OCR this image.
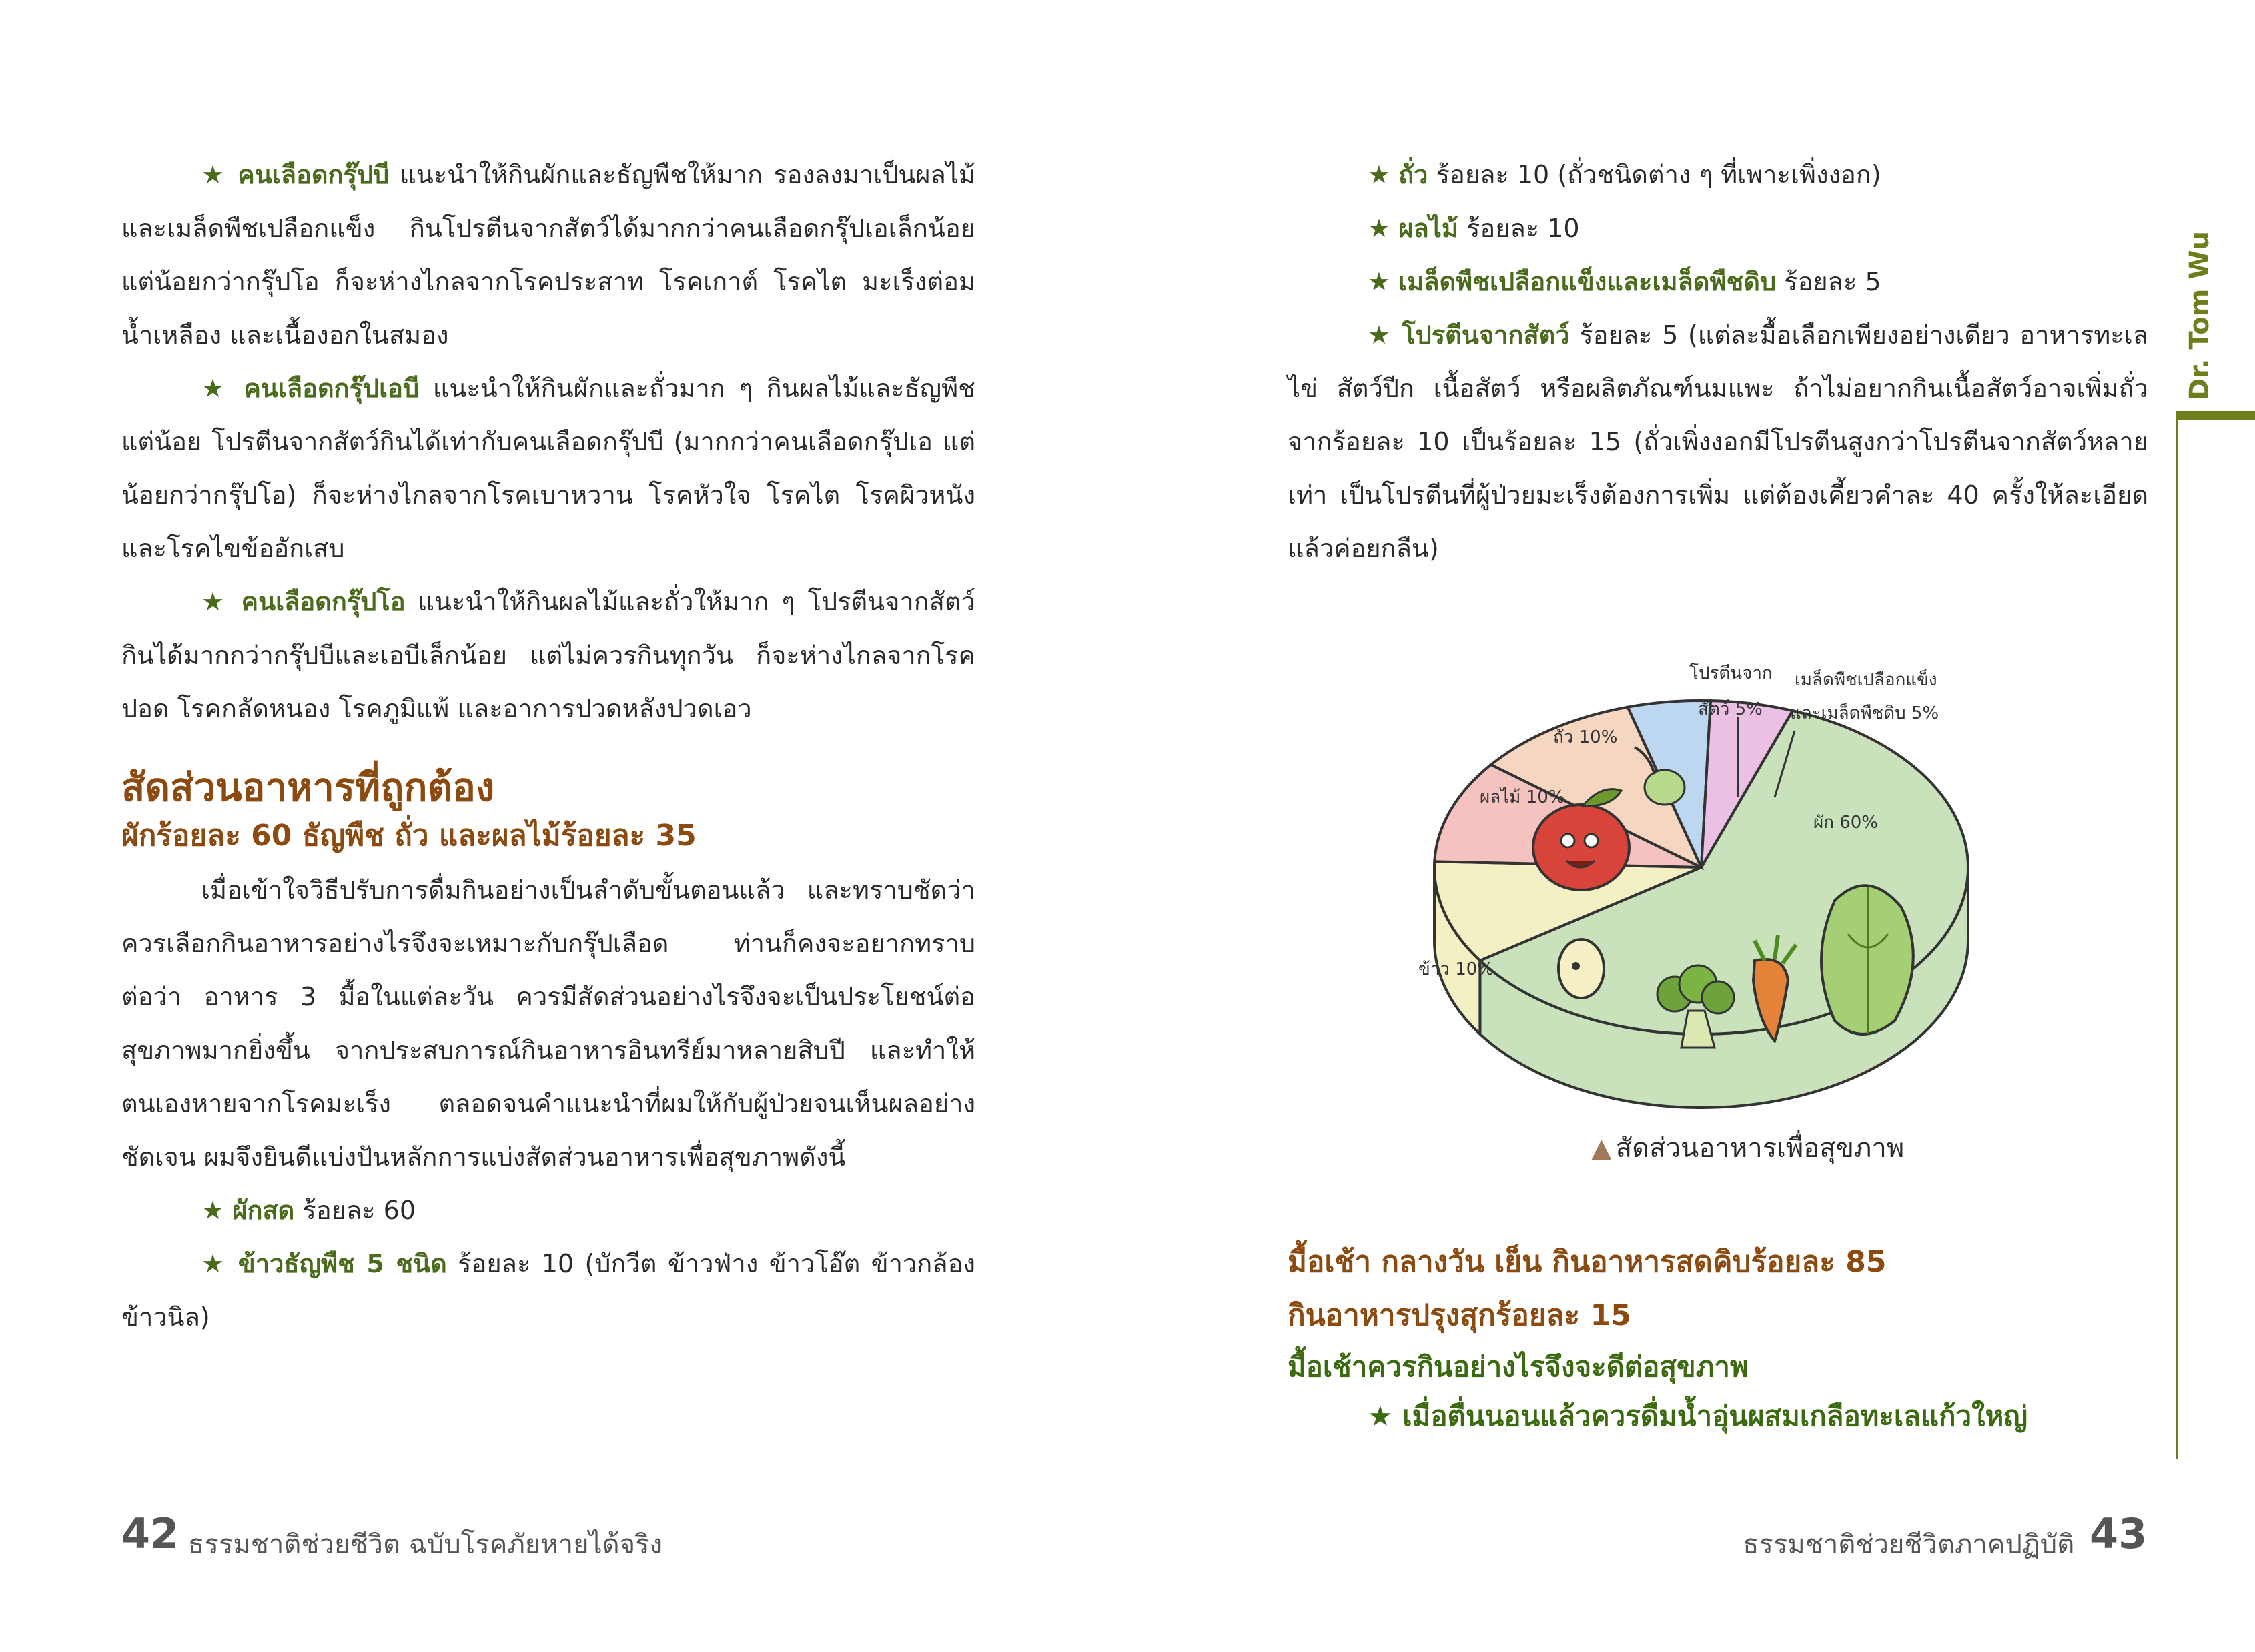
★ คนเลือดกรุ๊ปบี แนะนำให้กินผักและธัญพืชให้มาก รองลงมาเป็นผลไม้และเมล็ดพืชเปลือกแข็ง กินโปรตีนจากสัตว์ได้มากกว่าคนเลือดกรุ๊ปเอเล็กน้อย แต่น้อยกว่ากรุ๊ปโอ ก็จะห่างไกลจากโรคประสาท โรคเกาต์ โรคไต มะเร็งต่อมน้ำเหลือง และเนื้องอกในสมอง

★ คนเลือดกรุ๊ปเอบี แนะนำให้กินผักและถั่วมาก ๆ กินผลไม้และธัญพืชแต่น้อย โปรตีนจากสัตว์กินได้เท่ากับคนเลือดกรุ๊ปบี (มากกว่าคนเลือดกรุ๊ปเอ แต่น้อยกว่ากรุ๊ปโอ) ก็จะห่างไกลจากโรคเบาหวาน โรคหัวใจ โรคไต โรคผิวหนัง และโรคไขข้ออักเสบ

★ คนเลือดกรุ๊ปโอ แนะนำให้กินผลไม้และถั่วให้มาก ๆ โปรตีนจากสัตว์กินได้มากกว่ากรุ๊ปบีและเอบีเล็กน้อย แต่ไม่ควรกินทุกวัน ก็จะห่างไกลจากโรคปอด โรคกลัดหนอง โรคภูมิแพ้ และอาการปวดหลังปวดเอว

สัดส่วนอาหารที่ถูกต้อง
ผักร้อยละ 60 ธัญพืช ถั่ว และผลไม้ร้อยละ 35

เมื่อเข้าใจวิธีปรับการดื่มกินอย่างเป็นลำดับขั้นตอนแล้ว และทราบชัดว่าควรเลือกกินอาหารอย่างไรจึงจะเหมาะกับกรุ๊ปเลือด ท่านก็คงจะอยากทราบต่อว่า อาหาร 3 มื้อในแต่ละวัน ควรมีสัดส่วนอย่างไรจึงจะเป็นประโยชน์ต่อสุขภาพมากยิ่งขึ้น จากประสบการณ์กินอาหารอินทรีย์มาหลายสิบปี และทำให้ตนเองหายจากโรคมะเร็ง ตลอดจนคำแนะนำที่ผมให้กับผู้ป่วยจนเห็นผลอย่างชัดเจน ผมจึงยินดีแบ่งปันหลักการแบ่งสัดส่วนอาหารเพื่อสุขภาพดังนี้

★ ผักสด ร้อยละ 60

★ ข้าวธัญพืช 5 ชนิด ร้อยละ 10 (บักวีต ข้าวฟ่าง ข้าวโอ๊ต ข้าวกล้อง ข้าวนิล)

42 ธรรมชาติช่วยชีวิต ฉบับโรคภัยหายได้จริง

★ ถั่ว ร้อยละ 10 (ถั่วชนิดต่าง ๆ ที่เพาะเพิ่งงอก)

★ ผลไม้ ร้อยละ 10

★ เมล็ดพืชเปลือกแข็งและเมล็ดพืชดิบ ร้อยละ 5

★ โปรตีนจากสัตว์ ร้อยละ 5 (แต่ละมื้อเลือกเพียงอย่างเดียว อาหารทะเล ไข่ สัตว์ปีก เนื้อสัตว์ หรือผลิตภัณฑ์นมแพะ ถ้าไม่อยากกินเนื้อสัตว์อาจเพิ่มถั่วจากร้อยละ 10 เป็นร้อยละ 15 (ถั่วเพิ่งงอกมีโปรตีนสูงกว่าโปรตีนจากสัตว์หลายเท่า เป็นโปรตีนที่ผู้ป่วยมะเร็งต้องการเพิ่ม แต่ต้องเคี้ยวคำละ 40 ครั้งให้ละเอียด แล้วค่อยกลืน)

Dr. Tom Wu
ผลไม้ 10%
ถั่ว 10%
โปรตีนจาก
สัตว์ 5%
เมล็ดพืชเปลือกแข็ง
และเมล็ดพืชดิบ 5%
ผัก 60%
ข้าว 10%
▲ สัดส่วนอาหารเพื่อสุขภาพ
มื้อเช้า กลางวัน เย็น กินอาหารสดคิบร้อยละ 85
กินอาหารปรุงสุกร้อยละ 15
มื้อเช้าควรกินอย่างไรจึงจะดีต่อสุขภาพ

★ เมื่อตื่นนอนแล้วควรดื่มน้ำอุ่นผสมเกลือทะเลแก้วใหญ่

ธรรมชาติช่วยชีวิตภาคปฏิบัติ 43
